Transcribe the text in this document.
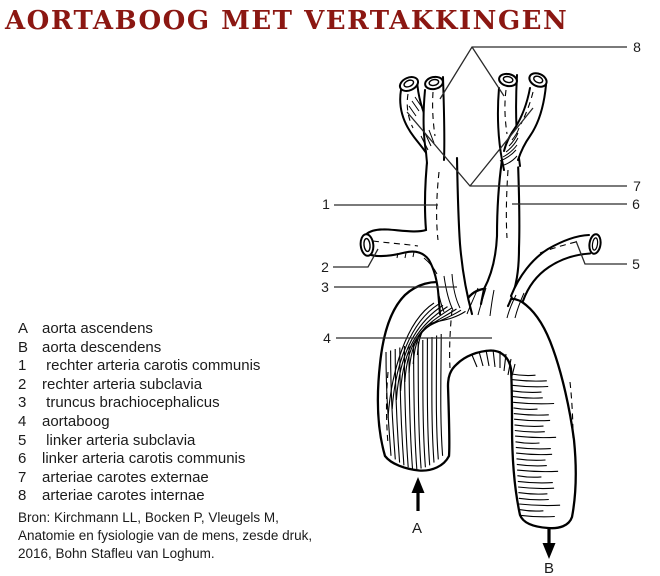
AORTABOOG MET VERTAKKINGEN
A aorta ascendens
B aorta descendens
1	rechter arteria carotis communis
2	rechter arteria subclavia
3	truncus brachiocephalicus
4	aortaboog
5	linker arteria subclavia
6	linker arteria carotis communis
7	arteriae carotes externae
8	arteriae carotes internae
Bron: Kirchmann LL, Bocken P, Vleugels M,
Anatomie en fysiologie van de mens, zesde druk,
2016, Bohn Stafleu van Loghum.
1
2
3
4
5
6
7
8
A
B
